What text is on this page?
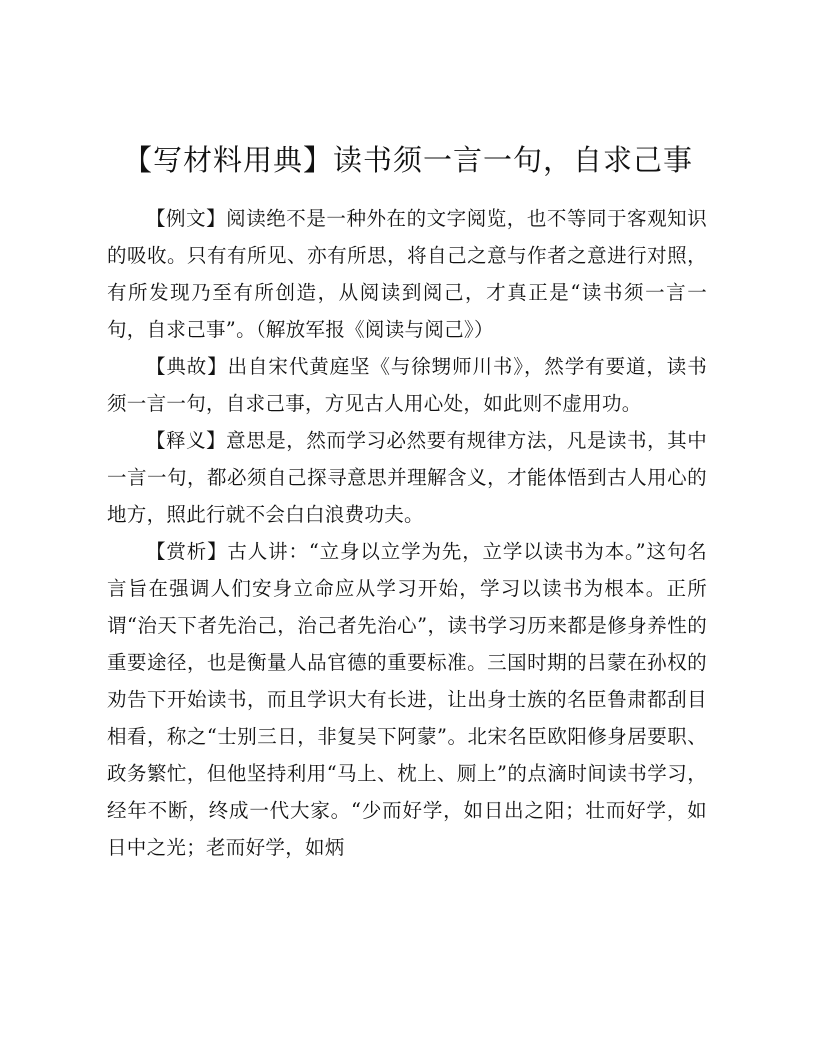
【写材料用典】读书须一言一句，自求己事

【例文】阅读绝不是一种外在的文字阅览，也不等同于客观知识的吸收。只有有所见、亦有所思，将自己之意与作者之意进行对照，有所发现乃至有所创造，从阅读到阅己，才真正是“读书须一言一句，自求己事”。（解放军报《阅读与阅己》）

【典故】出自宋代黄庭坚《与徐甥师川书》，然学有要道，读书须一言一句，自求己事，方见古人用心处，如此则不虚用功。

【释义】意思是，然而学习必然要有规律方法，凡是读书，其中一言一句，都必须自己探寻意思并理解含义，才能体悟到古人用心的地方，照此行就不会白白浪费功夫。

【赏析】古人讲：“立身以立学为先，立学以读书为本。”这句名言旨在强调人们安身立命应从学习开始，学习以读书为根本。正所谓“治天下者先治己，治己者先治心”，读书学习历来都是修身养性的重要途径，也是衡量人品官德的重要标准。三国时期的吕蒙在孙权的劝告下开始读书，而且学识大有长进，让出身士族的名臣鲁肃都刮目相看，称之“士别三日，非复吴下阿蒙”。北宋名臣欧阳修身居要职、政务繁忙，但他坚持利用“马上、枕上、厕上”的点滴时间读书学习，经年不断，终成一代大家。“少而好学，如日出之阳；壮而好学，如日中之光；老而好学，如炳
